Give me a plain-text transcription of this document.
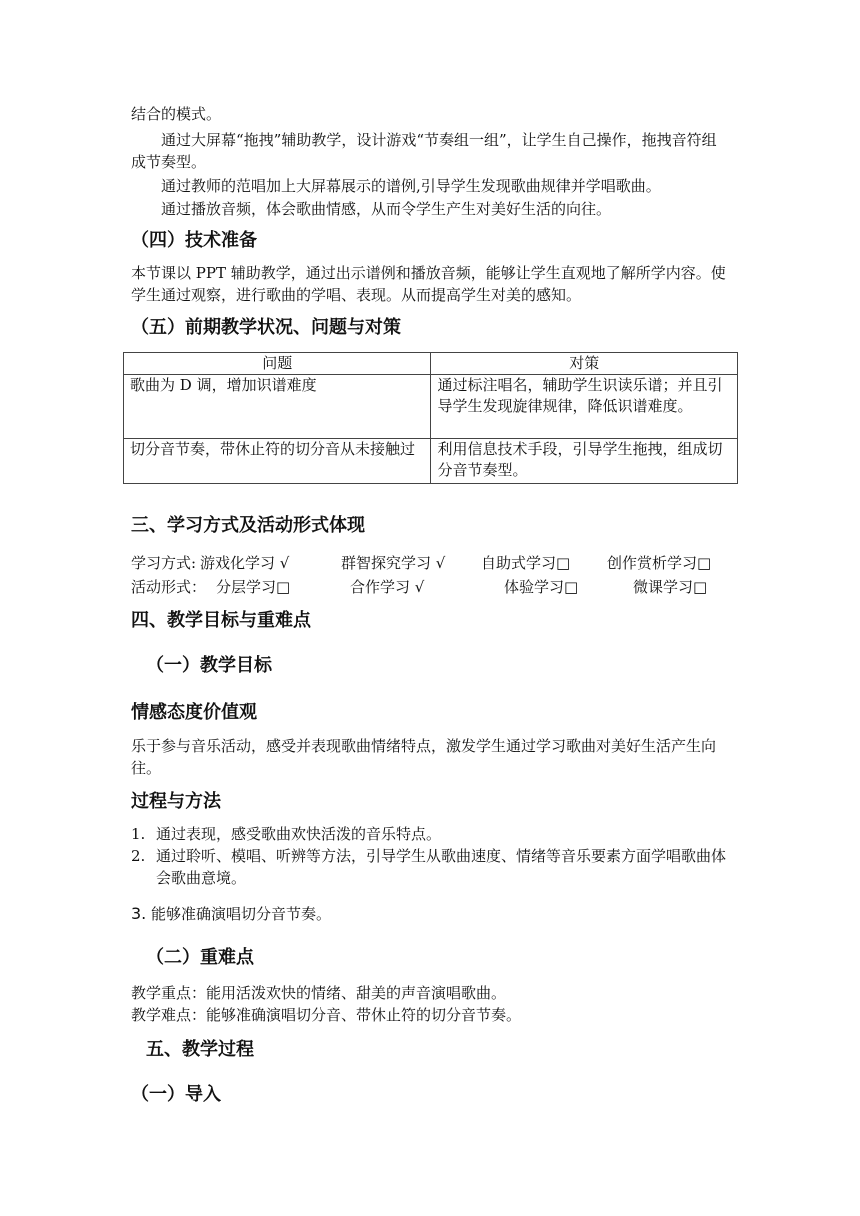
结合的模式。

通过大屏幕“拖拽”辅助教学，设计游戏“节奏组一组”，让学生自己操作，拖拽音符组成节奏型。

通过教师的范唱加上大屏幕展示的谱例,引导学生发现歌曲规律并学唱歌曲。

通过播放音频，体会歌曲情感，从而令学生产生对美好生活的向往。

（四）技术准备

本节课以 PPT 辅助教学，通过出示谱例和播放音频，能够让学生直观地了解所学内容。使学生通过观察，进行歌曲的学唱、表现。从而提高学生对美的感知。

（五）前期教学状况、问题与对策
问题	对策
歌曲为 D 调，增加识谱难度	通过标注唱名，辅助学生识读乐谱；并且引导学生发现旋律规律，降低识谱难度。
切分音节奏，带休止符的切分音从未接触过	利用信息技术手段，引导学生拖拽，组成切分音节奏型。
三、学习方式及活动形式体现
学习方式: 游戏化学习 √	群智探究学习 √ 自助式学习□ 创作赏析学习□
活动形式： 分层学习□	合作学习 √	体验学习□	微课学习□
四、教学目标与重难点
（一）教学目标
情感态度价值观

乐于参与音乐活动，感受并表现歌曲情绪特点，激发学生通过学习歌曲对美好生活产生向往。

过程与方法
1. 通过表现，感受歌曲欢快活泼的音乐特点。
2. 通过聆听、模唱、听辨等方法，引导学生从歌曲速度、情绪等音乐要素方面学唱歌曲体会歌曲意境。
3. 能够准确演唱切分音节奏。
（二）重难点

教学重点：能用活泼欢快的情绪、甜美的声音演唱歌曲。

教学难点：能够准确演唱切分音、带休止符的切分音节奏。

五、教学过程
（一）导入
